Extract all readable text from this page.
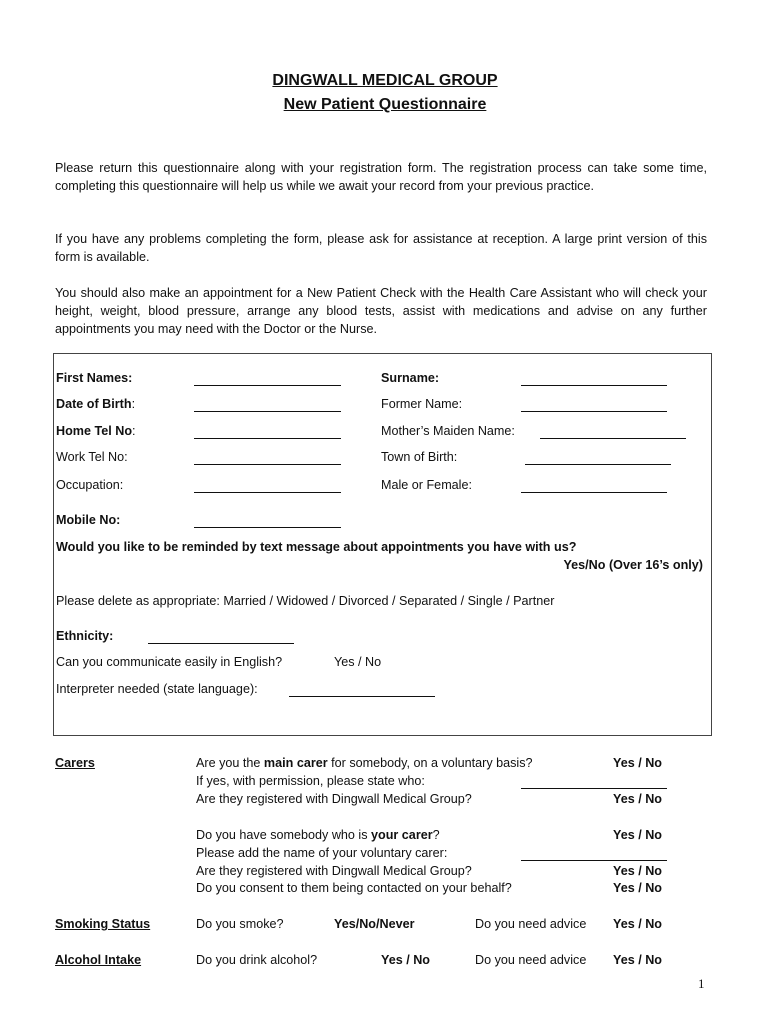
DINGWALL MEDICAL GROUP
New Patient Questionnaire
Please return this questionnaire along with your registration form. The registration process can take some time, completing this questionnaire will help us while we await your record from your previous practice.
If you have any problems completing the form, please ask for assistance at reception. A large print version of this form is available.
You should also make an appointment for a New Patient Check with the Health Care Assistant who will check your height, weight, blood pressure, arrange any blood tests, assist with medications and advise on any further appointments you may need with the Doctor or the Nurse.
First Names:	Surname:
Date of Birth:	Former Name:
Home Tel No:	Mother’s Maiden Name:
Work Tel No:	Town of Birth:
Occupation:	Male or Female:
Mobile No:
Would you like to be reminded by text message about appointments you have with us?
Yes/No (Over 16’s only)
Please delete as appropriate: Married / Widowed / Divorced / Separated / Single / Partner
Ethnicity:
Can you communicate easily in English?	Yes / No
Interpreter needed (state language):
Carers	Are you the main carer for somebody, on a voluntary basis?	Yes / No
If yes, with permission, please state who:
Are they registered with Dingwall Medical Group?	Yes / No
Do you have somebody who is your carer?	Yes / No
Please add the name of your voluntary carer:
Are they registered with Dingwall Medical Group?	Yes / No
Do you consent to them being contacted on your behalf?	Yes / No
Smoking Status	Do you smoke?	Yes/No/Never	Do you need advice Yes / No
Alcohol Intake	Do you drink alcohol?	Yes / No	Do you need advice Yes / No
1
